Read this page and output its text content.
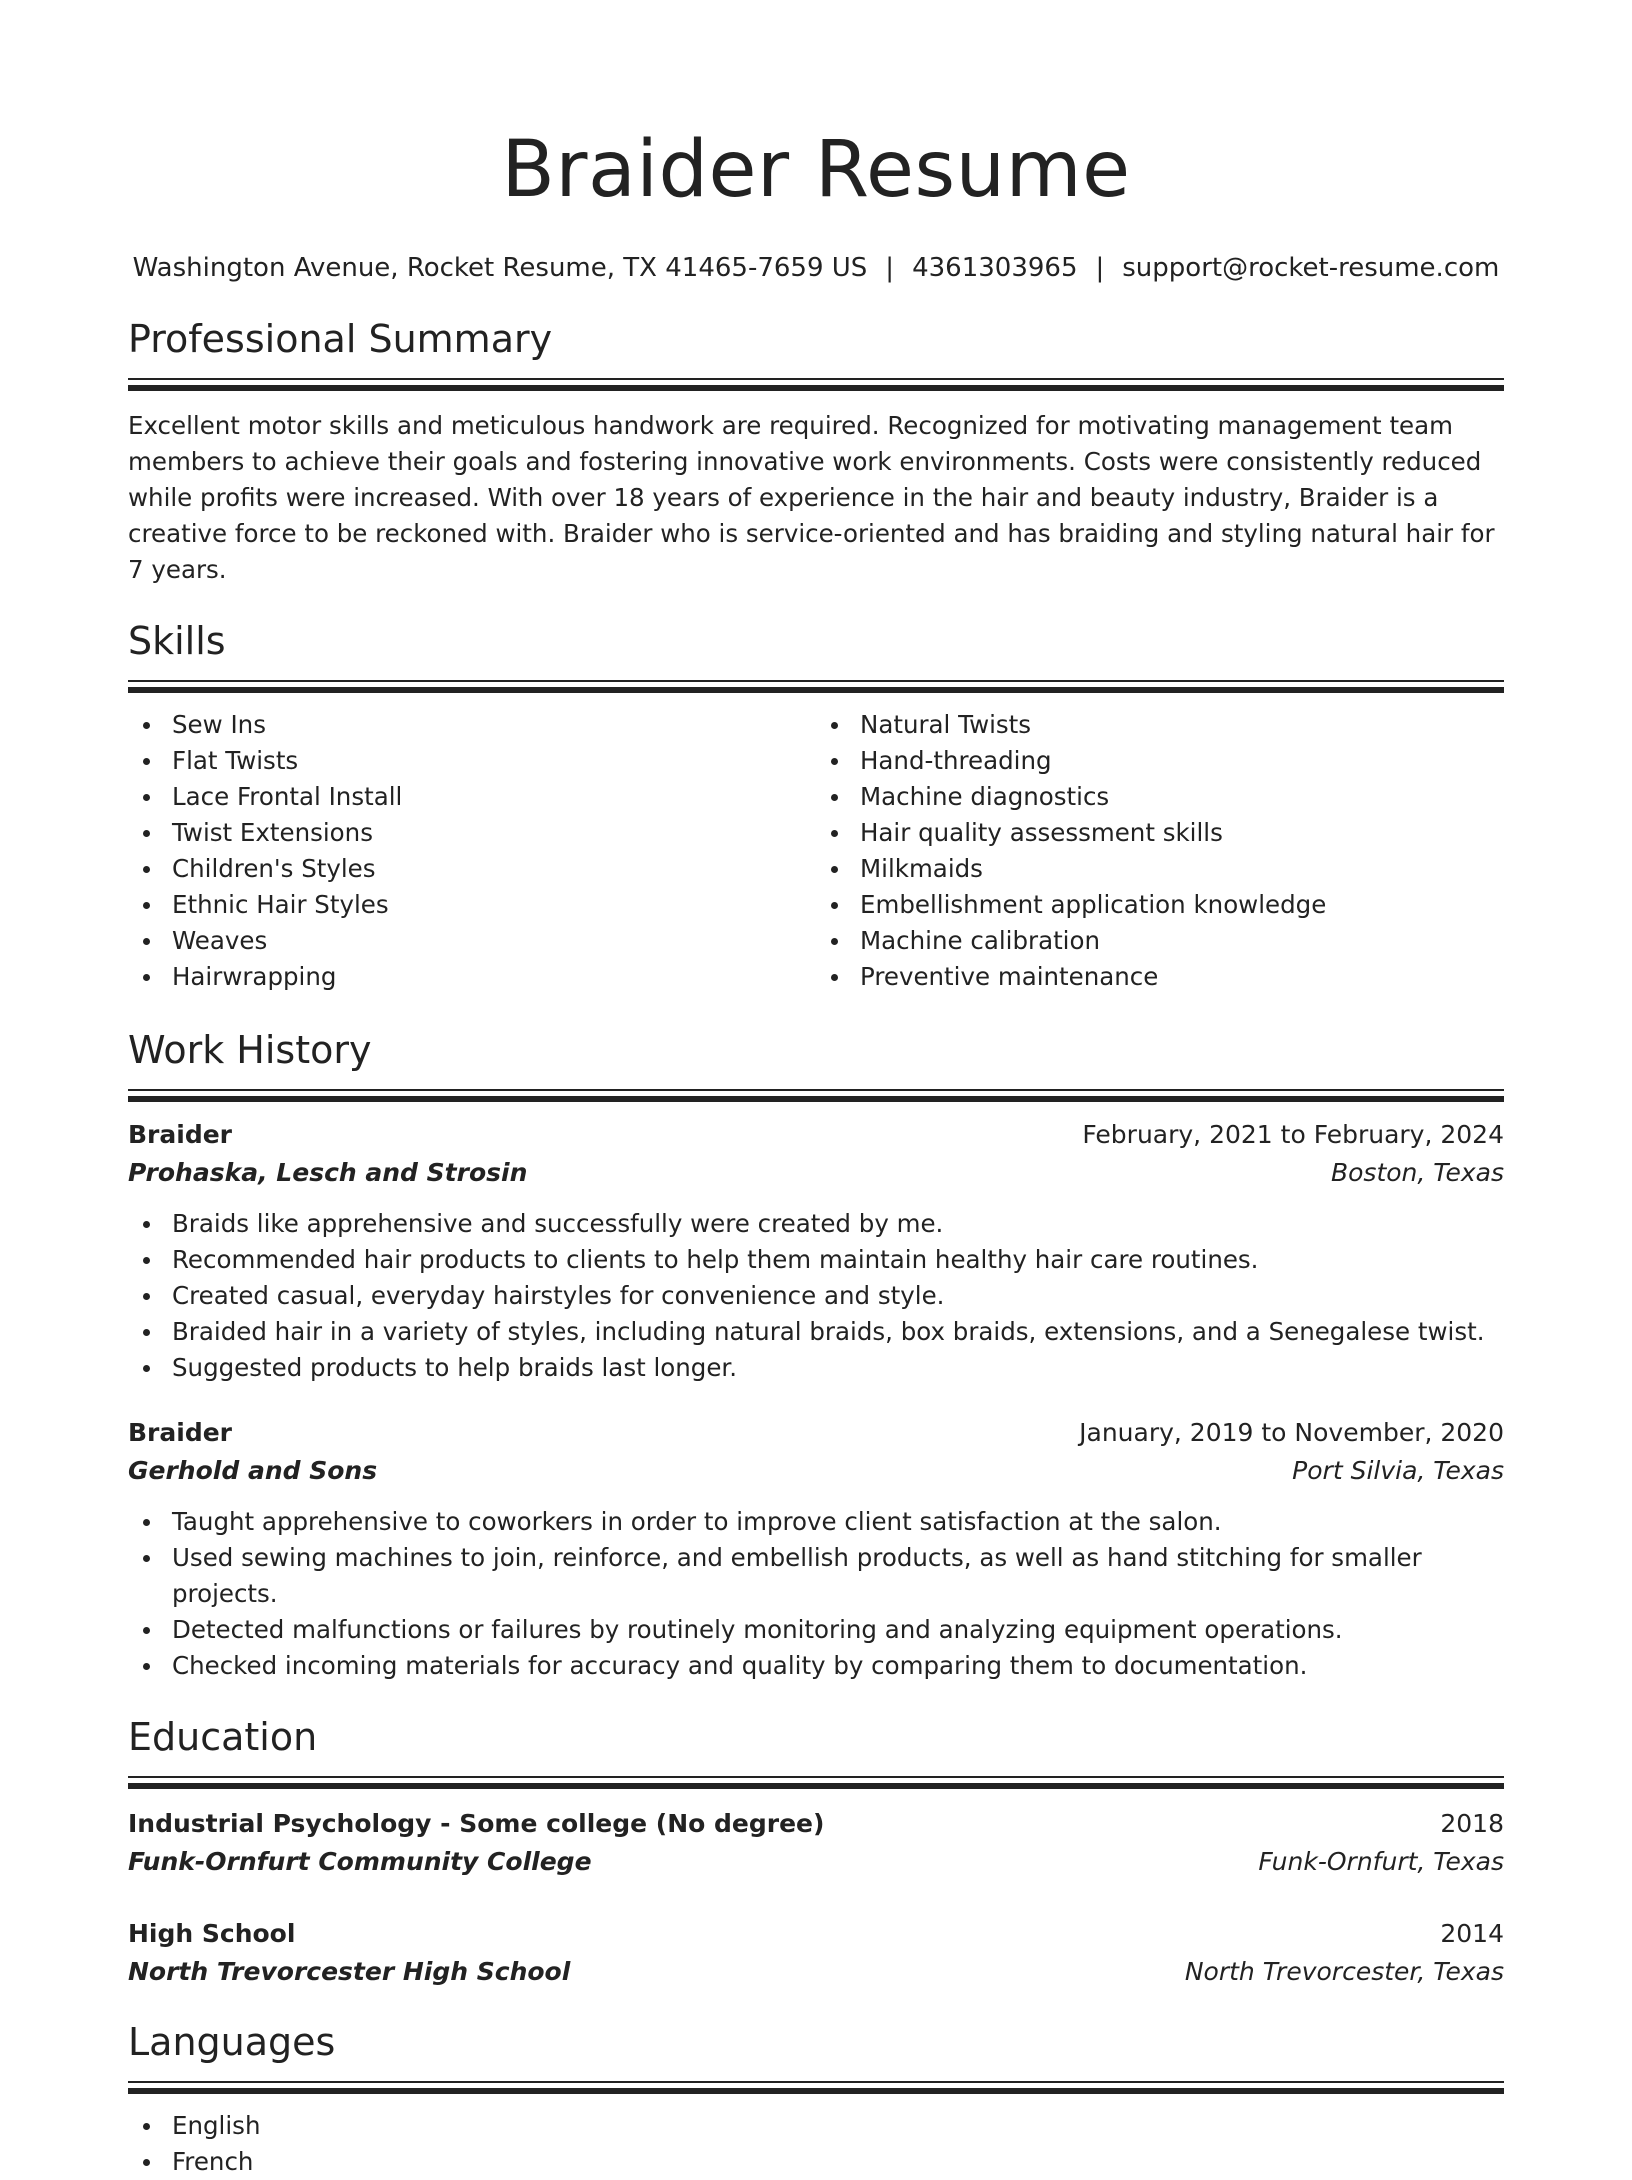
Braider Resume
Washington Avenue, Rocket Resume, TX 41465-7659 US | 4361303965 | support@rocket-resume.com
Professional Summary

Excellent motor skills and meticulous handwork are required. Recognized for motivating management team members to achieve their goals and fostering innovative work environments. Costs were consistently reduced while profits were increased. With over 18 years of experience in the hair and beauty industry, Braider is a creative force to be reckoned with. Braider who is service-oriented and has braiding and styling natural hair for 7 years.

Skills
Sew Ins
Flat Twists
Lace Frontal Install
Twist Extensions
Children's Styles
Ethnic Hair Styles
Weaves
Hairwrapping
Natural Twists
Hand-threading
Machine diagnostics
Hair quality assessment skills
Milkmaids
Embellishment application knowledge
Machine calibration
Preventive maintenance
Work History
Braider	February, 2021 to February, 2024
Prohaska, Lesch and Strosin	Boston, Texas
Braids like apprehensive and successfully were created by me.
Recommended hair products to clients to help them maintain healthy hair care routines.
Created casual, everyday hairstyles for convenience and style.
Braided hair in a variety of styles, including natural braids, box braids, extensions, and a Senegalese twist.
Suggested products to help braids last longer.
Braider	January, 2019 to November, 2020
Gerhold and Sons	Port Silvia, Texas
Taught apprehensive to coworkers in order to improve client satisfaction at the salon.
Used sewing machines to join, reinforce, and embellish products, as well as hand stitching for smaller projects.
Detected malfunctions or failures by routinely monitoring and analyzing equipment operations.
Checked incoming materials for accuracy and quality by comparing them to documentation.
Education
Industrial Psychology - Some college (No degree)	2018
Funk-Ornfurt Community College	Funk-Ornfurt, Texas
High School	2014
North Trevorcester High School	North Trevorcester, Texas
Languages
English
French
